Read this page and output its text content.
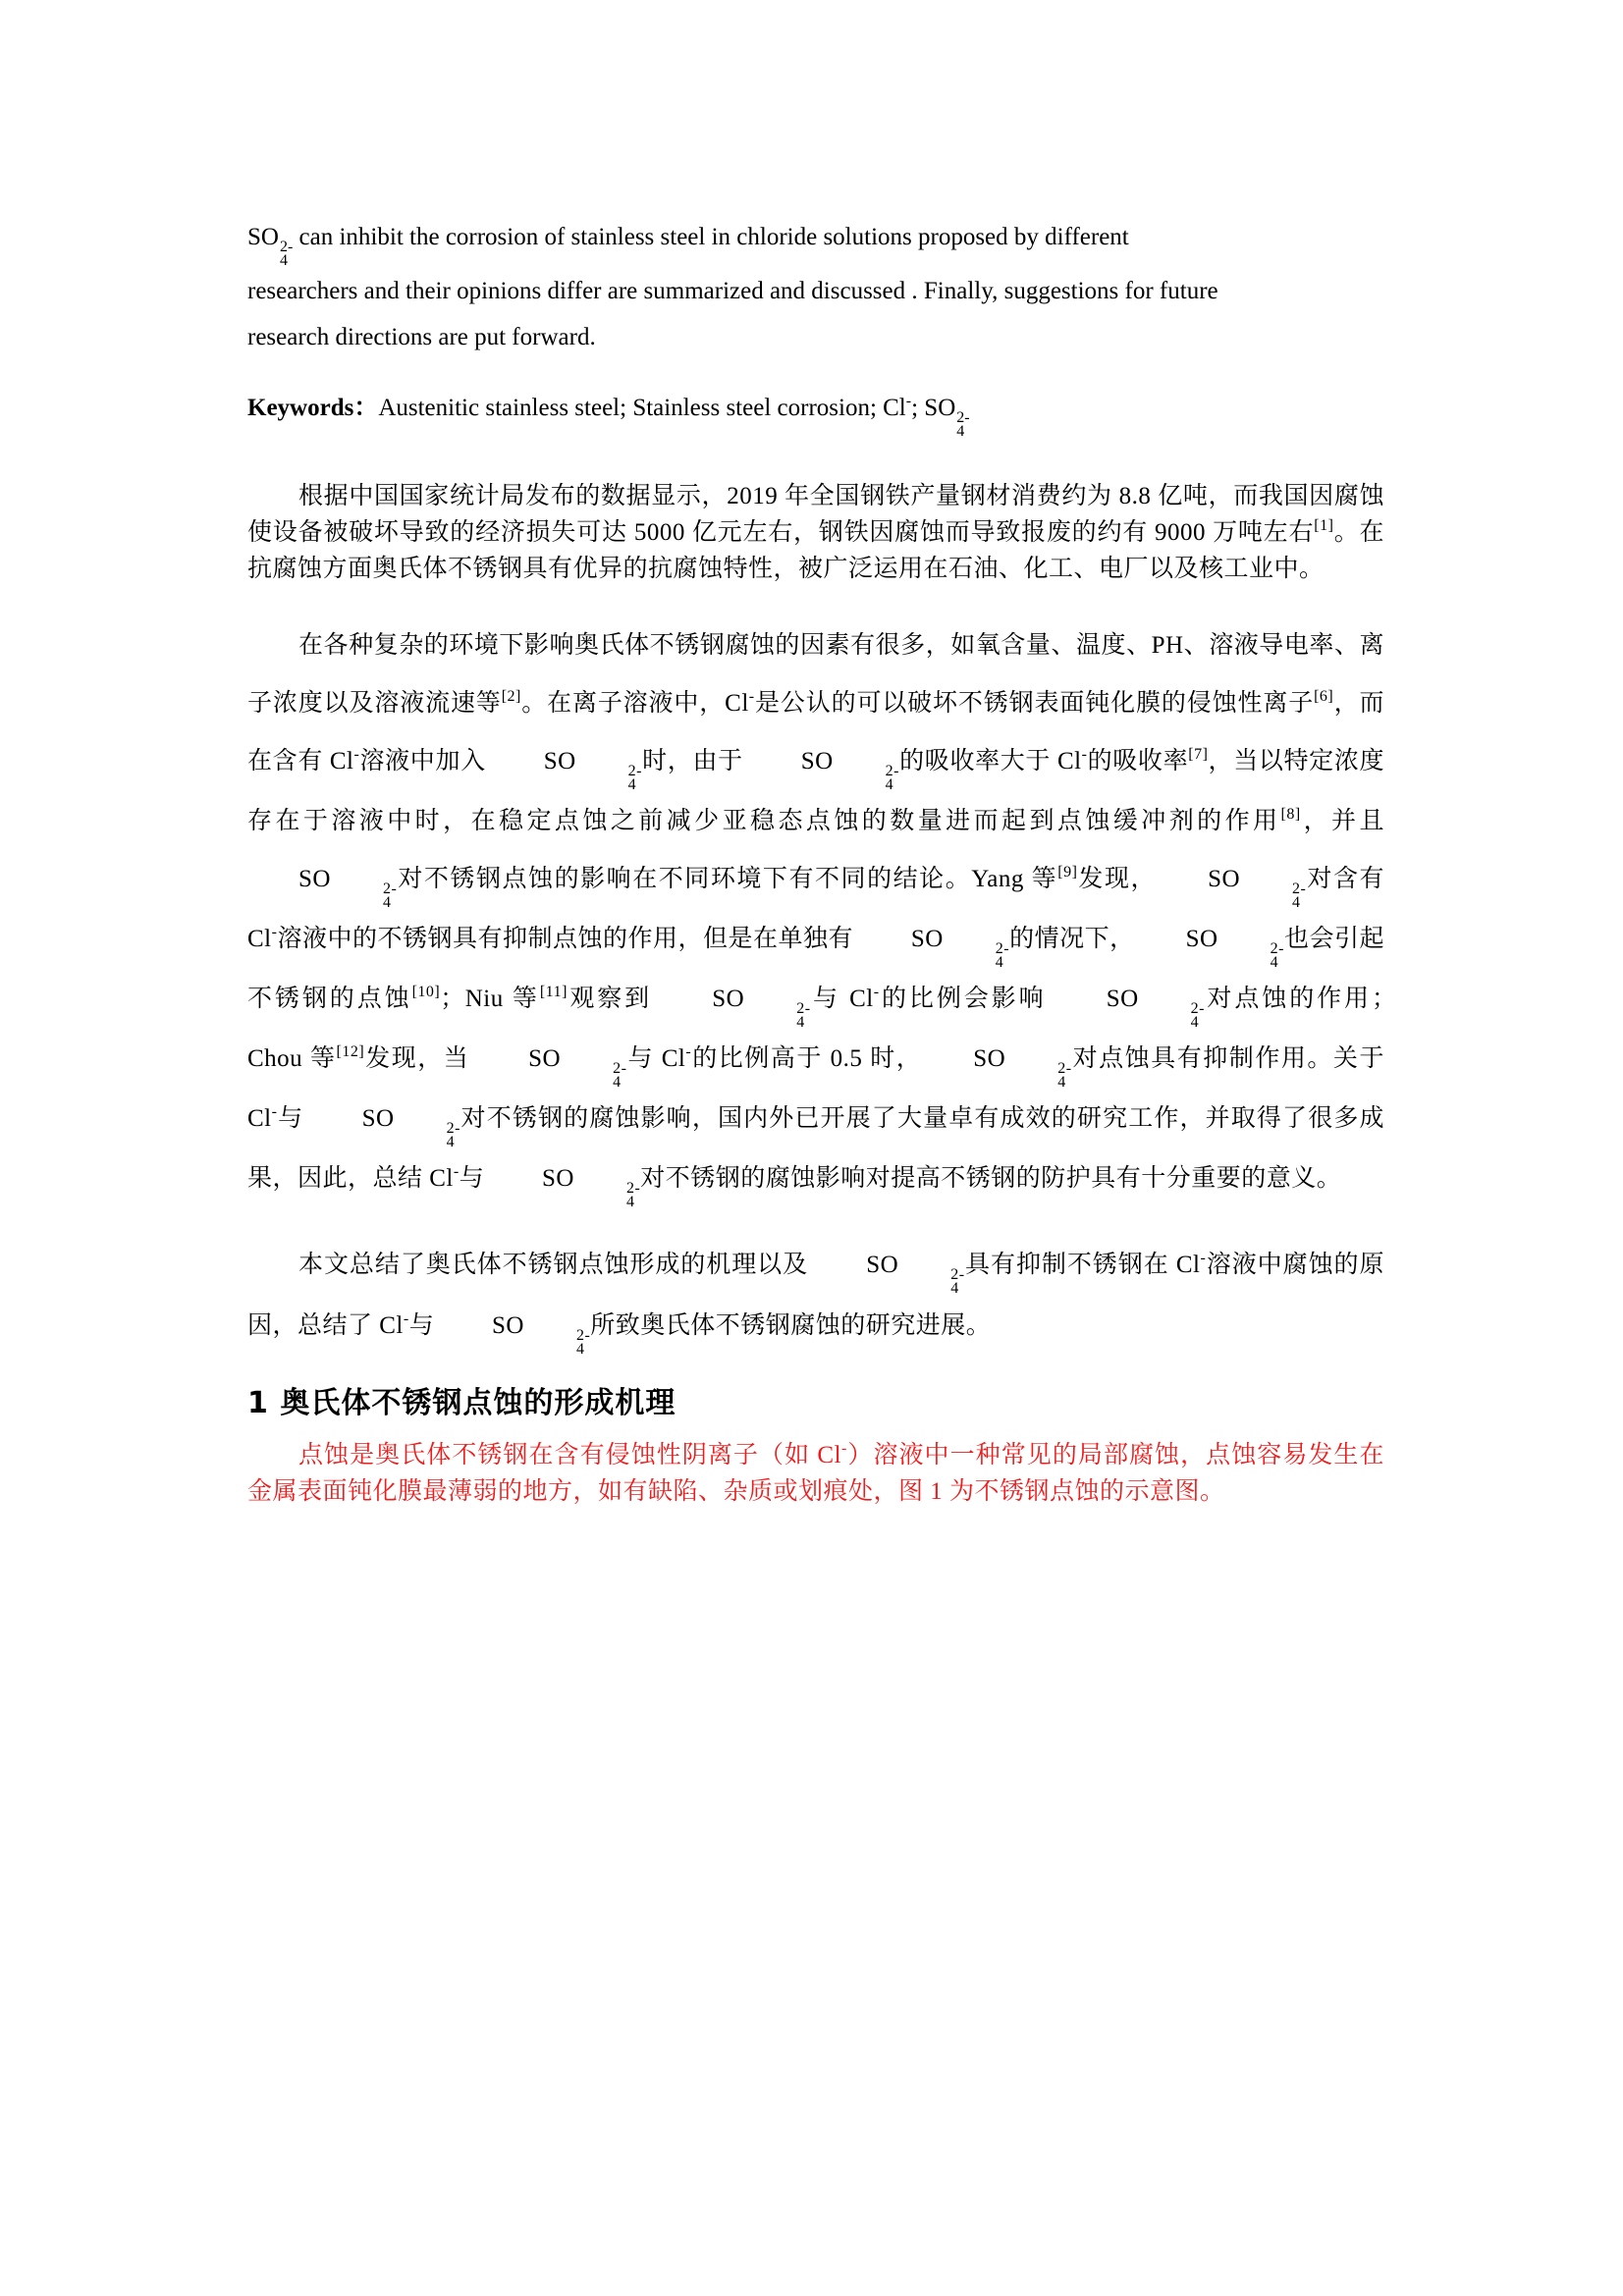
SO 2-
4
can inhibit the corrosion of stainless steel in chloride solutions proposed by different
researchers and their opinions differ are summarized and discussed . Finally, suggestions for future

research directions are put forward.

Keywords：Austenitic stainless steel; Stainless steel corrosion; Cl-; SO 2-
4

根据中国国家统计局发布的数据显示，2019 年全国钢铁产量钢材消费约为 8.8 亿吨，而我国因腐蚀使设备被破坏导致的经济损失可达 5000 亿元左右，钢铁因腐蚀而导致报废的约有 9000 万吨左右[1]。在抗腐蚀方面奥氏体不锈钢具有优异的抗腐蚀特性，被广泛运用在石油、化工、电厂以及核工业中。

在各种复杂的环境下影响奥氏体不锈钢腐蚀的因素有很多，如氧含量、温度、PH、溶液导电率、离子浓度以及溶液流速等[2]。在离子溶液中，Cl-是公认的可以破坏不锈钢表面钝化膜的侵蚀性离子[6]，而在含有 Cl-溶液中加入 SO	2-
4
时，由于 SO	2-
4
的吸收率大于 Cl-的吸收率[7]，当以特定浓度存在于溶液中时，在稳定点蚀之前减少亚稳态点蚀的数量进而起到点蚀缓冲剂的作用[8]，并且 SO	2-
4
对不锈钢点蚀的影响在不同环境下有不同的结论。Yang 等[9]发现， SO	2-
4
对含有 Cl-溶液中的不锈钢具有抑制点蚀的作用，但是在单独有 SO	2-
4
的情况下， SO	2-
4
也会引起不锈钢的点蚀[10]；Niu 等[11]观察到 SO	2-
4
与 Cl-的比例会影响 SO	2-
4
对点蚀的作用；　Chou 等[12]发现，当 SO	2-
4
与 Cl-的比例高于 0.5 时， SO	2-
4
对点蚀具有抑制作用。关于 Cl-与 SO	2-
4
对不锈钢的腐蚀影响，国内外已开展了大量卓有成效的研究工作，并取得了很多成果，因此，总结 Cl-与 SO	2-
4
对不锈钢的腐蚀影响对提高不锈钢的防护具有十分重要的意义。

本文总结了奥氏体不锈钢点蚀形成的机理以及 SO	2-
4
具有抑制不锈钢在 Cl-溶液中腐蚀的原因，总结了 Cl-与 SO	2-
4
所致奥氏体不锈钢腐蚀的研究进展。

1 奥氏体不锈钢点蚀的形成机理

点蚀是奥氏体不锈钢在含有侵蚀性阴离子（如 Cl-）溶液中一种常见的局部腐蚀，点蚀容易发生在金属表面钝化膜最薄弱的地方，如有缺陷、杂质或划痕处，图 1 为不锈钢点蚀的示意图。
